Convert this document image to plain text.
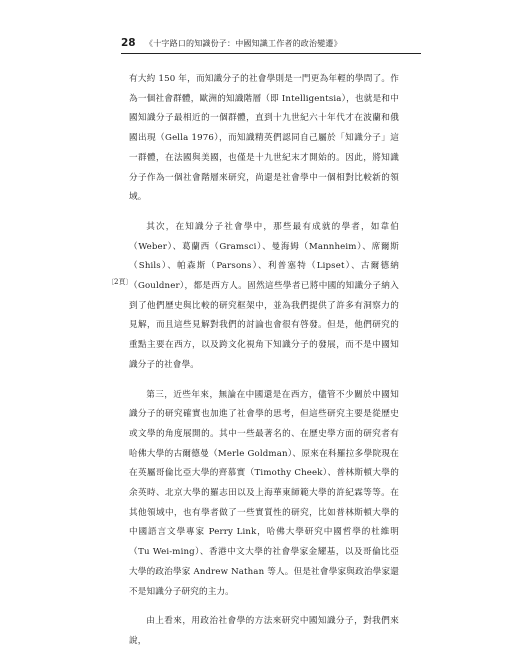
28 《十字路口的知識份子：中國知識工作者的政治變遷》
〔2頁〕

有大約 150 年，而知識分子的社會學則是一門更為年輕的學問了。作為一個社會群體，歐洲的知識階層（即 Intelligentsia），也就是和中國知識分子最相近的一個群體，直到十九世紀六十年代才在波蘭和俄國出現（Gella 1976），而知識精英們認同自己屬於「知識分子」這一群體，在法國與美國，也僅是十九世紀末才開始的。因此，將知識分子作為一個社會階層來研究，尚還是社會學中一個相對比較新的領域。

其次，在知識分子社會學中，那些最有成就的學者，如韋伯（Weber）、葛蘭西（Gramsci）、曼海姆（Mannheim）、席爾斯（Shils）、帕森斯（Parsons）、利普塞特（Lipset）、古爾德納（Gouldner），都是西方人。固然這些學者已將中國的知識分子納入到了他們歷史與比較的研究框架中，並為我們提供了許多有洞察力的見解，而且這些見解對我們的討論也會很有啓發。但是，他們研究的重點主要在西方，以及跨文化視角下知識分子的發展，而不是中國知識分子的社會學。

第三，近些年來，無論在中國還是在西方，儘管不少關於中國知識分子的研究確實也加進了社會學的思考，但這些研究主要是從歷史或文學的角度展開的。其中一些最著名的、在歷史學方面的研究者有哈佛大學的古爾德曼（Merle Goldman）、原來在科羅拉多學院現在在英屬哥倫比亞大學的齊慕實（Timothy Cheek）、普林斯頓大學的余英時、北京大學的羅志田以及上海華東師範大學的許紀霖等等。在其他領域中，也有學者做了一些實質性的研究，比如普林斯頓大學的中國語言文學專家 Perry Link，哈佛大學研究中國哲學的杜維明（Tu Wei-ming）、香港中文大學的社會學家金耀基，以及哥倫比亞大學的政治學家 Andrew Nathan 等人。但是社會學家與政治學家還不是知識分子研究的主力。

由上看來，用政治社會學的方法來研究中國知識分子，對我們來說，
